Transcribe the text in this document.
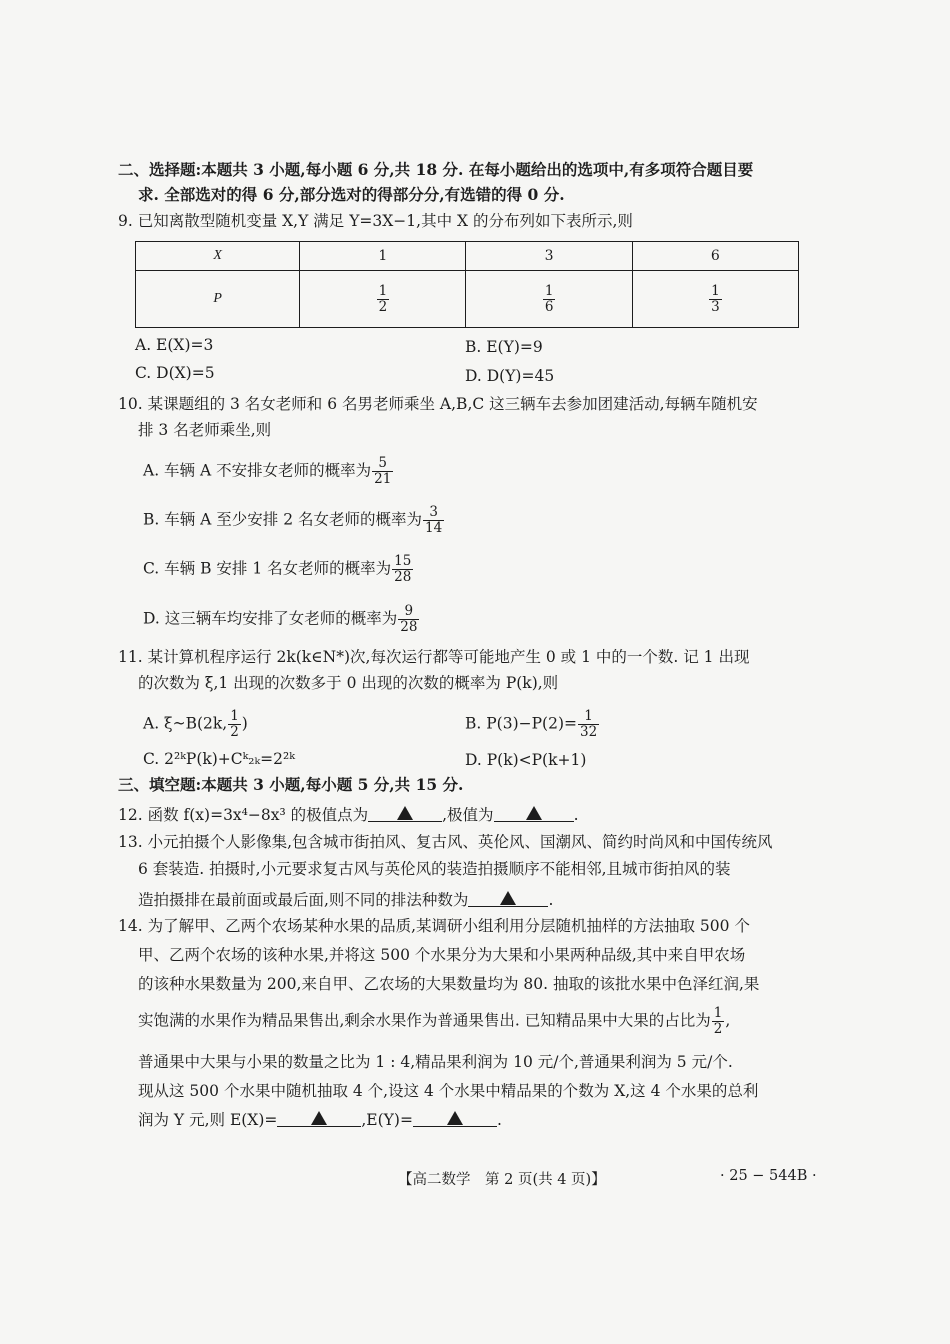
二、选择题:本题共 3 小题,每小题 6 分,共 18 分. 在每小题给出的选项中,有多项符合题目要
求. 全部选对的得 6 分,部分选对的得部分分,有选错的得 0 分.
9. 已知离散型随机变量 X,Y 满足 Y=3X−1,其中 X 的分布列如下表所示,则
X	1	3	6
P	$\frac{1}{2}$	$\frac{1}{6}$	$\frac{1}{3}$
A. E(X)=3	B. E(Y)=9
C. D(X)=5	D. D(Y)=45
10. 某课题组的 3 名女老师和 6 名男老师乘坐 A,B,C 这三辆车去参加团建活动,每辆车随机安
排 3 名老师乘坐,则
A. 车辆 A 不安排女老师的概率为 $\frac{5}{21}$
B. 车辆 A 至少安排 2 名女老师的概率为 $\frac{3}{14}$
C. 车辆 B 安排 1 名女老师的概率为 $\frac{15}{28}$
D. 这三辆车均安排了女老师的概率为 $\frac{9}{28}$
11. 某计算机程序运行 2k(k∈N*)次,每次运行都等可能地产生 0 或 1 中的一个数. 记 1 出现
的次数为 ξ,1 出现的次数多于 0 出现的次数的概率为 P(k),则
A. ξ~B(2k, $\frac{1}{2}$ )	B. $P(3)-P(2)= \frac{1}{32}$
C. 2²ᵏP(k)+Cᵏ₂ₖ=2²ᵏ	D. P(k)<P(k+1)
三、填空题:本题共 3 小题,每小题 5 分,共 15 分.
12. 函数 f(x)=3x⁴−8x³ 的极值点为	,极值为	.
13. 小元拍摄个人影像集,包含城市街拍风、复古风、英伦风、国潮风、简约时尚风和中国传统风
6 套装造. 拍摄时,小元要求复古风与英伦风的装造拍摄顺序不能相邻,且城市街拍风的装
造拍摄排在最前面或最后面,则不同的排法种数为	.
14. 为了解甲、乙两个农场某种水果的品质,某调研小组利用分层随机抽样的方法抽取 500 个
甲、乙两个农场的该种水果,并将这 500 个水果分为大果和小果两种品级,其中来自甲农场
的该种水果数量为 200,来自甲、乙农场的大果数量均为 80. 抽取的该批水果中色泽红润,果
实饱满的水果作为精品果售出,剩余水果作为普通果售出. 已知精品果中大果的占比为 $\frac{1}{2}$ ,
普通果中大果与小果的数量之比为 1 : 4,精品果利润为 10 元/个,普通果利润为 5 元/个.
现从这 500 个水果中随机抽取 4 个,设这 4 个水果中精品果的个数为 X,这 4 个水果的总利
润为 Y 元,则 E(X)=	,E(Y)=	.
【高二数学　第 2 页(共 4 页)】	· 25 − 544B ·
